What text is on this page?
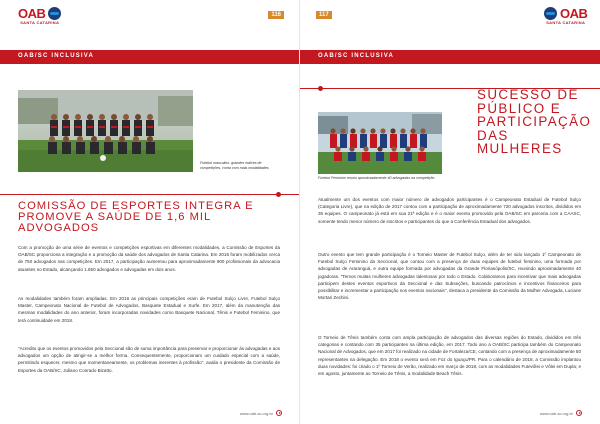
OAB
SANTA CATARINA
116
OAB/SC INCLUSIVA
Futebol masculino: grandes índices de competições, conta com mais modalidades
COMISSÃO DE ESPORTES INTEGRA E PROMOVE A SAÚDE DE 1,6 MIL ADVOGADOS

Com a promoção de uma série de eventos e competições esportivas em diferentes modalidades, a Comissão de Esportes da OAB/SC proporciona a integração e a promoção da saúde dos advogados de Santa Catarina. Em 2016 foram mobilizados cerca de 750 advogados nas competições. Em 2017, a participação aumentou para aproximadamente 900 profissionais da advocacia atuantes no Estado, alcançando 1.650 advogados e advogadas em dois anos.

As modalidades também foram ampliadas. Em 2016 as principais competições eram de Futebol Sulço Livre, Futebol Sulço Master, Campeonato Nacional de Futebol de Advogados, Basquete Estadual e Surfe. Em 2017, além da manutenção das mesmas modalidades do ano anterior, foram incorporadas novidades como Basquete Nacional, Tênis e Futebol Feminino, que terá continuidade em 2018.

"Acredito que os eventos promovidos pela Seccional são de suma importância para preservar e proporcionar às advogadas e aos advogados um opção de atingir-se a melhor forma. Consequentemente, proporcionam um cuidado especial com a saúde, permitindo esquecer, mesmo que momentaneamente, os problemas inerentes à profissão", avalia o presidente da Comissão de Esportes da OAB/SC, Juliano Conrado Bizatto.

www.oab-sc.org.br
117	OAB
SANTA CATARINA
OAB/SC INCLUSIVA
Futebol Feminino reuniu aproximadamente 40 advogadas na competição
SUCESSO DE
PÚBLICO E
PARTICIPAÇÃO
DAS
MULHERES

Atualmente um dos eventos com maior número de advogados participantes é o Campeonato Estadual de Futebol Sulço (Categoria Livre), que na edição de 2017 contou com a participação de aproximadamente 720 advogados inscritos, divididos em 36 equipes. O campeonato já está em sua 21ª edição e é o maior evento promovido pela OAB/SC em parceria com a CAASC, somente tendo menor número de inscritos e participantes do que a Conferência Estadual dos advogados.

Outro evento que tem grande participação é o Torneio Master de Futebol Sulço, além de ter sido lançado 1º Campeonato de Futebol Sulço Feminino da Seccional, que contou com a presença de duas equipes de futebol feminino, uma formada por advogadas de Araranguá, e outra equipe formada por advogadas da Grande Florianópolis/SC, reunindo aproximadamente 40 jogadoras. "Temos muitas mulheres advogadas talentosas por todo o Estado. Colaboramos para incentivar que mais advogadas participem destes eventos esportivos da Seccional e das Subseções, buscando patrocínios e incentivos financeiros para possibilitar e incrementar a participação nos eventos nacionais", destaca a presidente da Comissão da Mulher Advogada, Luciane Mortari Zechini.

O Torneio de Tênis também conta com ampla participação de advogados das diversas regiões do Estado, divididos em três categorias e contando com 35 participantes na última edição, em 2017. Todo ano a OAB/SC participa também do Campeonato Nacional de Advogados, que em 2017 foi realizado na cidade de Fortaleza/CE, contando com a presença de aproximadamente 50 representantes na delegação. Em 2018 o evento será em Foz do Iguaçu/PR. Para o calendário de 2018, a Comissão implantou duas novidades: foi criado o 1º Torneio de Verão, realizado em março de 2018, com as modalidades Futevôlei e Vôlei em Dupla; e em agosto, juntamente ao Torneio de Tênis, a modalidade Beach Tênis.

www.oab-sc.org.br
